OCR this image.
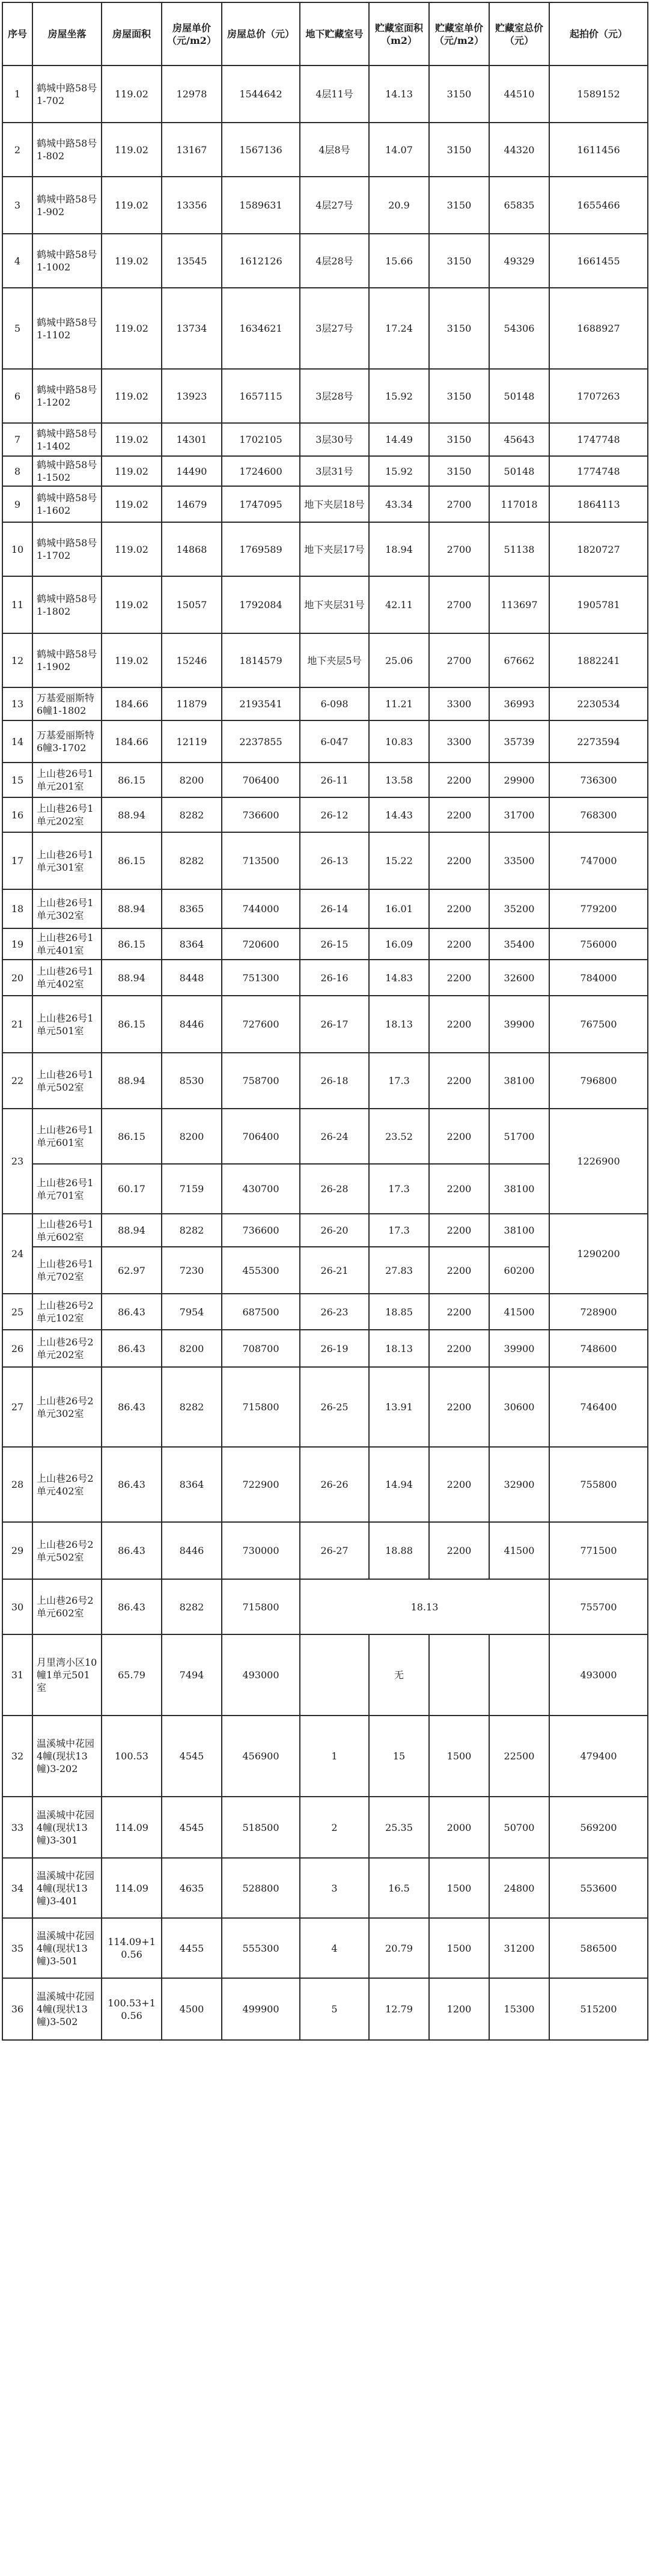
序号	房屋坐落	房屋面积	房屋单价（元/m2）	房屋总价（元）	地下贮藏室号	贮藏室面积（m2）	贮藏室单价（元/m2）	贮藏室总价（元）	起拍价（元）
1	鹤城中路58号1-702	119.02	12978	1544642	4层11号	14.13	3150	44510	1589152
2	鹤城中路58号1-802	119.02	13167	1567136	4层8号	14.07	3150	44320	1611456
3	鹤城中路58号1-902	119.02	13356	1589631	4层27号	20.9	3150	65835	1655466
4	鹤城中路58号1-1002	119.02	13545	1612126	4层28号	15.66	3150	49329	1661455
5	鹤城中路58号1-1102	119.02	13734	1634621	3层27号	17.24	3150	54306	1688927
6	鹤城中路58号1-1202	119.02	13923	1657115	3层28号	15.92	3150	50148	1707263
7	鹤城中路58号1-1402	119.02	14301	1702105	3层30号	14.49	3150	45643	1747748
8	鹤城中路58号1-1502	119.02	14490	1724600	3层31号	15.92	3150	50148	1774748
9	鹤城中路58号1-1602	119.02	14679	1747095	地下夹层18号	43.34	2700	117018	1864113
10	鹤城中路58号1-1702	119.02	14868	1769589	地下夹层17号	18.94	2700	51138	1820727
11	鹤城中路58号1-1802	119.02	15057	1792084	地下夹层31号	42.11	2700	113697	1905781
12	鹤城中路58号1-1902	119.02	15246	1814579	地下夹层5号	25.06	2700	67662	1882241
13	万基爱丽斯特6幢1-1802	184.66	11879	2193541	6-098	11.21	3300	36993	2230534
14	万基爱丽斯特6幢3-1702	184.66	12119	2237855	6-047	10.83	3300	35739	2273594
15	上山巷26号1单元201室	86.15	8200	706400	26-11	13.58	2200	29900	736300
16	上山巷26号1单元202室	88.94	8282	736600	26-12	14.43	2200	31700	768300
17	上山巷26号1单元301室	86.15	8282	713500	26-13	15.22	2200	33500	747000
18	上山巷26号1单元302室	88.94	8365	744000	26-14	16.01	2200	35200	779200
19	上山巷26号1单元401室	86.15	8364	720600	26-15	16.09	2200	35400	756000
20	上山巷26号1单元402室	88.94	8448	751300	26-16	14.83	2200	32600	784000
21	上山巷26号1单元501室	86.15	8446	727600	26-17	18.13	2200	39900	767500
22	上山巷26号1单元502室	88.94	8530	758700	26-18	17.3	2200	38100	796800
23	上山巷26号1单元601室	86.15	8200	706400	26-24	23.52	2200	51700	1226900
	上山巷26号1单元701室	60.17	7159	430700	26-28	17.3	2200	38100	
24	上山巷26号1单元602室	88.94	8282	736600	26-20	17.3	2200	38100	1290200
	上山巷26号1单元702室	62.97	7230	455300	26-21	27.83	2200	60200	
25	上山巷26号2单元102室	86.43	7954	687500	26-23	18.85	2200	41500	728900
26	上山巷26号2单元202室	86.43	8200	708700	26-19	18.13	2200	39900	748600
27	上山巷26号2单元302室	86.43	8282	715800	26-25	13.91	2200	30600	746400
28	上山巷26号2单元402室	86.43	8364	722900	26-26	14.94	2200	32900	755800
29	上山巷26号2单元502室	86.43	8446	730000	26-27	18.88	2200	41500	771500
30	上山巷26号2单元602室	86.43	8282	715800	18.13				755700
31	月里湾小区10幢1单元501室	65.79	7494	493000		无			493000
32	温溪城中花园4幢(现状13幢)3-202	100.53	4545	456900	1	15	1500	22500	479400
33	温溪城中花园4幢(现状13幢)3-301	114.09	4545	518500	2	25.35	2000	50700	569200
34	温溪城中花园4幢(现状13幢)3-401	114.09	4635	528800	3	16.5	1500	24800	553600
35	温溪城中花园4幢(现状13幢)3-501	114.09+10.56	4455	555300	4	20.79	1500	31200	586500
36	温溪城中花园4幢(现状13幢)3-502	100.53+10.56	4500	499900	5	12.79	1200	15300	515200
